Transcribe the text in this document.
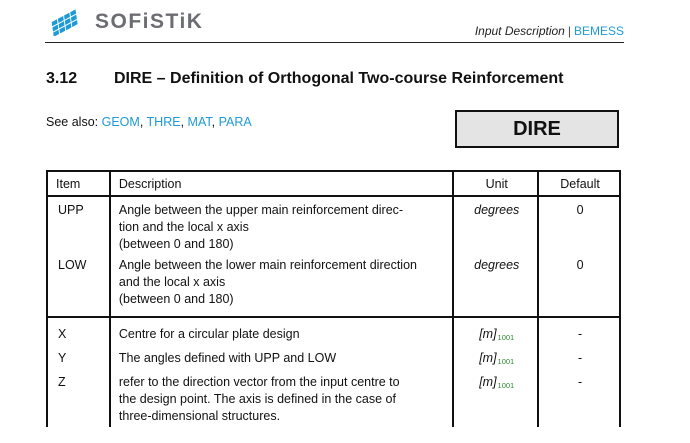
SOFiSTiK	Input Description | BEMESS
3.12 DIRE – Definition of Orthogonal Two-course Reinforcement
See also: GEOM, THRE, MAT, PARA	DIRE
Item	Description	Unit	Default
UPP	Angle between the upper main reinforcement direc-
tion and the local x axis
(between 0 and 180)	degrees	0
LOW	Angle between the lower main reinforcement direction
and the local x axis
(between 0 and 180)	degrees	0
X	Centre for a circular plate design	[m]1001	-
Y	The angles defined with UPP and LOW	[m]1001	-
Z	refer to the direction vector from the input centre to
the design point. The axis is defined in the case of
three-dimensional structures.	[m]1001	-
